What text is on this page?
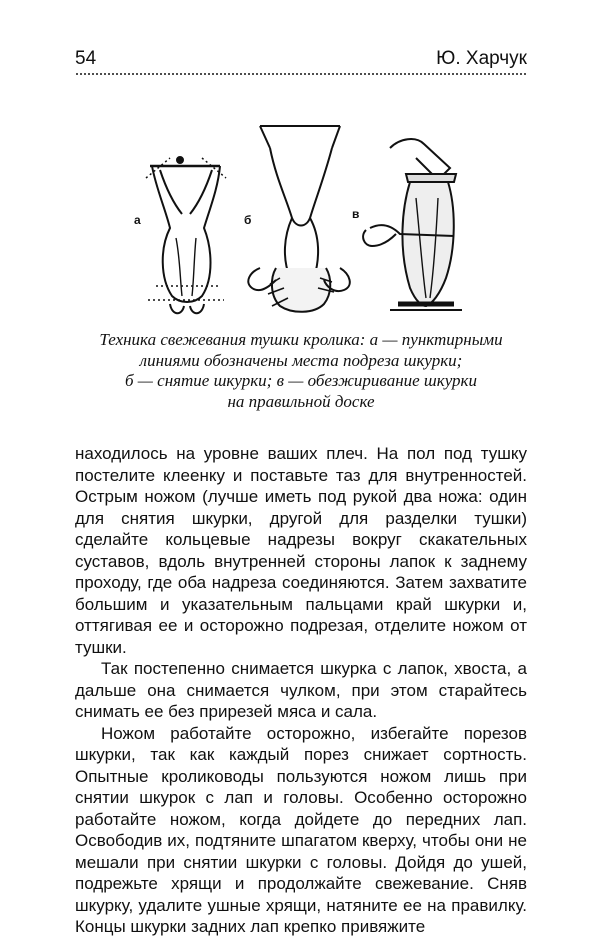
54	Ю. Харчук
а	б	в
Техника свежевания тушки кролика: а — пунктирными
линиями обозначены места подреза шкурки;
б — снятие шкурки; в — обезжиривание шкурки
на правильной доске

находилось на уровне ваших плеч. На пол под тушку постелите клеенку и поставьте таз для внутренностей. Острым ножом (лучше иметь под рукой два ножа: один для снятия шкурки, другой для разделки тушки) сделайте кольцевые надрезы вокруг скакательных суставов, вдоль внутренней стороны лапок к заднему проходу, где оба надреза соединяются. Затем захватите большим и указательным пальцами край шкурки и, оттягивая ее и осторожно подрезая, отделите ножом от тушки.

Так постепенно снимается шкурка с лапок, хвоста, а дальше она снимается чулком, при этом старайтесь снимать ее без прирезей мяса и сала.

Ножом работайте осторожно, избегайте порезов шкурки, так как каждый порез снижает сортность. Опытные кролиководы пользуются ножом лишь при снятии шкурок с лап и головы. Особенно осторожно работайте ножом, когда дойдете до передних лап. Освободив их, подтяните шпагатом кверху, чтобы они не мешали при снятии шкурки с головы. Дойдя до ушей, подрежьте хрящи и продолжайте свежевание. Сняв шкурку, удалите ушные хрящи, натяните ее на правилку. Концы шкурки задних лап крепко привяжите
